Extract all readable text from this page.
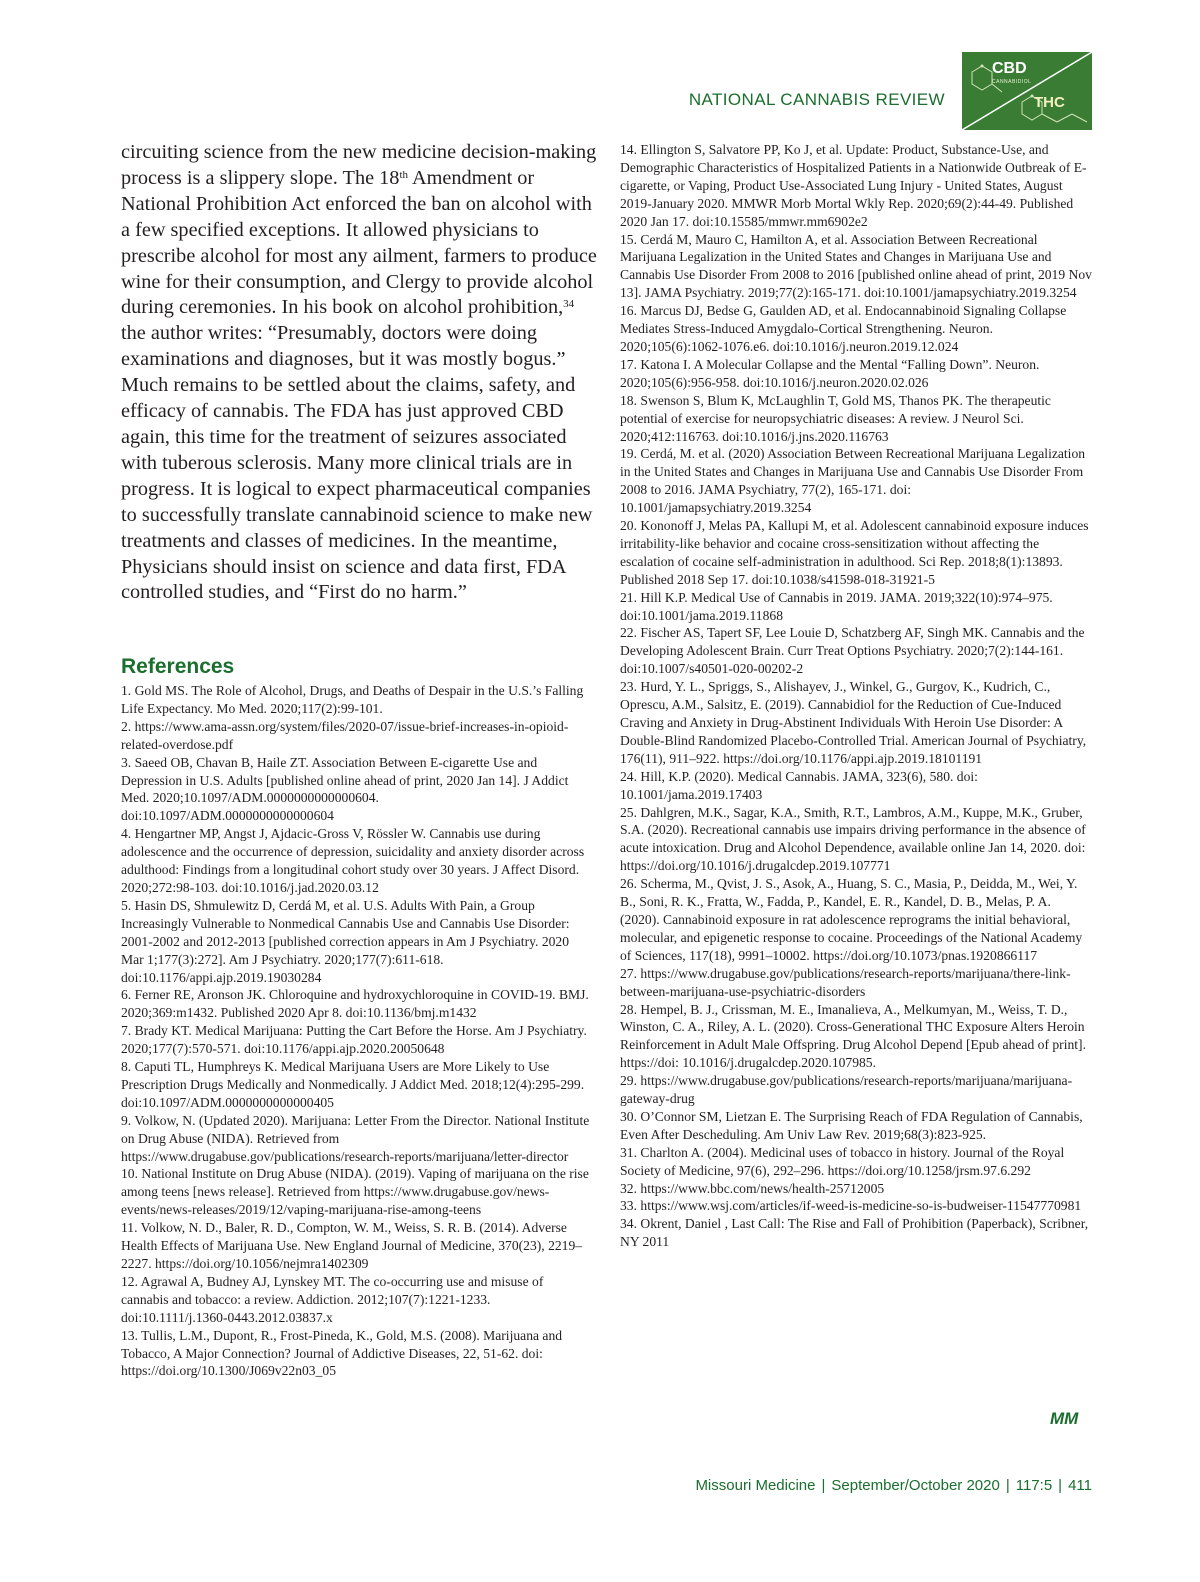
NATIONAL CANNABIS REVIEW
CBD
CANNABIDIOL
THC

circuiting science from the new medicine decision-making process is a slippery slope. The 18th Amendment or National Prohibition Act enforced the ban on alcohol with a few specified exceptions. It allowed physicians to prescribe alcohol for most any ailment, farmers to produce wine for their consumption, and Clergy to provide alcohol during ceremonies. In his book on alcohol prohibition,$^{34}$ the author writes: “Presumably, doctors were doing examinations and diagnoses, but it was mostly bogus.” Much remains to be settled about the claims, safety, and efficacy of cannabis. The FDA has just approved CBD again, this time for the treatment of seizures associated with tuberous sclerosis. Many more clinical trials are in progress. It is logical to expect pharmaceutical companies to successfully translate cannabinoid science to make new treatments and classes of medicines. In the meantime, Physicians should insist on science and data first, FDA controlled studies, and “First do no harm.”

References
1. Gold MS. The Role of Alcohol, Drugs, and Deaths of Despair in the U.S.’s Falling Life Expectancy. Mo Med. 2020;117(2):99-101.
2. https://www.ama-assn.org/system/files/2020-07/issue-brief-increases-in-opioid-related-overdose.pdf
3. Saeed OB, Chavan B, Haile ZT. Association Between E-cigarette Use and Depression in U.S. Adults [published online ahead of print, 2020 Jan 14]. J Addict Med. 2020;10.1097/ADM.0000000000000604. doi:10.1097/ADM.0000000000000604
4. Hengartner MP, Angst J, Ajdacic-Gross V, Rössler W. Cannabis use during adolescence and the occurrence of depression, suicidality and anxiety disorder across adulthood: Findings from a longitudinal cohort study over 30 years. J Affect Disord. 2020;272:98-103. doi:10.1016/j.jad.2020.03.12
5. Hasin DS, Shmulewitz D, Cerdá M, et al. U.S. Adults With Pain, a Group Increasingly Vulnerable to Nonmedical Cannabis Use and Cannabis Use Disorder: 2001-2002 and 2012-2013 [published correction appears in Am J Psychiatry. 2020 Mar 1;177(3):272]. Am J Psychiatry. 2020;177(7):611-618. doi:10.1176/appi.ajp.2019.19030284
6. Ferner RE, Aronson JK. Chloroquine and hydroxychloroquine in COVID-19. BMJ. 2020;369:m1432. Published 2020 Apr 8. doi:10.1136/bmj.m1432
7. Brady KT. Medical Marijuana: Putting the Cart Before the Horse. Am J Psychiatry. 2020;177(7):570-571. doi:10.1176/appi.ajp.2020.20050648
8. Caputi TL, Humphreys K. Medical Marijuana Users are More Likely to Use Prescription Drugs Medically and Nonmedically. J Addict Med. 2018;12(4):295-299. doi:10.1097/ADM.0000000000000405
9. Volkow, N. (Updated 2020). Marijuana: Letter From the Director. National Institute on Drug Abuse (NIDA). Retrieved from https://www.drugabuse.gov/publications/research-reports/marijuana/letter-director
10. National Institute on Drug Abuse (NIDA). (2019). Vaping of marijuana on the rise among teens [news release]. Retrieved from https://www.drugabuse.gov/news-events/news-releases/2019/12/vaping-marijuana-rise-among-teens
11. Volkow, N. D., Baler, R. D., Compton, W. M., Weiss, S. R. B. (2014). Adverse Health Effects of Marijuana Use. New England Journal of Medicine, 370(23), 2219–2227. https://doi.org/10.1056/nejmra1402309
12. Agrawal A, Budney AJ, Lynskey MT. The co-occurring use and misuse of cannabis and tobacco: a review. Addiction. 2012;107(7):1221-1233. doi:10.1111/j.1360-0443.2012.03837.x
13. Tullis, L.M., Dupont, R., Frost-Pineda, K., Gold, M.S. (2008). Marijuana and Tobacco, A Major Connection? Journal of Addictive Diseases, 22, 51-62. doi: https://doi.org/10.1300/J069v22n03_05
14. Ellington S, Salvatore PP, Ko J, et al. Update: Product, Substance-Use, and Demographic Characteristics of Hospitalized Patients in a Nationwide Outbreak of E-cigarette, or Vaping, Product Use-Associated Lung Injury - United States, August 2019-January 2020. MMWR Morb Mortal Wkly Rep. 2020;69(2):44-49. Published 2020 Jan 17. doi:10.15585/mmwr.mm6902e2
15. Cerdá M, Mauro C, Hamilton A, et al. Association Between Recreational Marijuana Legalization in the United States and Changes in Marijuana Use and Cannabis Use Disorder From 2008 to 2016 [published online ahead of print, 2019 Nov 13]. JAMA Psychiatry. 2019;77(2):165-171. doi:10.1001/jamapsychiatry.2019.3254
16. Marcus DJ, Bedse G, Gaulden AD, et al. Endocannabinoid Signaling Collapse Mediates Stress-Induced Amygdalo-Cortical Strengthening. Neuron. 2020;105(6):1062-1076.e6. doi:10.1016/j.neuron.2019.12.024
17. Katona I. A Molecular Collapse and the Mental “Falling Down”. Neuron. 2020;105(6):956-958. doi:10.1016/j.neuron.2020.02.026
18. Swenson S, Blum K, McLaughlin T, Gold MS, Thanos PK. The therapeutic potential of exercise for neuropsychiatric diseases: A review. J Neurol Sci. 2020;412:116763. doi:10.1016/j.jns.2020.116763
19. Cerdá, M. et al. (2020) Association Between Recreational Marijuana Legalization in the United States and Changes in Marijuana Use and Cannabis Use Disorder From 2008 to 2016. JAMA Psychiatry, 77(2), 165-171. doi: 10.1001/jamapsychiatry.2019.3254
20. Kononoff J, Melas PA, Kallupi M, et al. Adolescent cannabinoid exposure induces irritability-like behavior and cocaine cross-sensitization without affecting the escalation of cocaine self-administration in adulthood. Sci Rep. 2018;8(1):13893. Published 2018 Sep 17. doi:10.1038/s41598-018-31921-5
21. Hill K.P. Medical Use of Cannabis in 2019. JAMA. 2019;322(10):974–975. doi:10.1001/jama.2019.11868
22. Fischer AS, Tapert SF, Lee Louie D, Schatzberg AF, Singh MK. Cannabis and the Developing Adolescent Brain. Curr Treat Options Psychiatry. 2020;7(2):144-161. doi:10.1007/s40501-020-00202-2
23. Hurd, Y. L., Spriggs, S., Alishayev, J., Winkel, G., Gurgov, K., Kudrich, C., Oprescu, A.M., Salsitz, E. (2019). Cannabidiol for the Reduction of Cue-Induced Craving and Anxiety in Drug-Abstinent Individuals With Heroin Use Disorder: A Double-Blind Randomized Placebo-Controlled Trial. American Journal of Psychiatry, 176(11), 911–922. https://doi.org/10.1176/appi.ajp.2019.18101191
24. Hill, K.P. (2020). Medical Cannabis. JAMA, 323(6), 580. doi: 10.1001/jama.2019.17403
25. Dahlgren, M.K., Sagar, K.A., Smith, R.T., Lambros, A.M., Kuppe, M.K., Gruber, S.A. (2020). Recreational cannabis use impairs driving performance in the absence of acute intoxication. Drug and Alcohol Dependence, available online Jan 14, 2020. doi: https://doi.org/10.1016/j.drugalcdep.2019.107771
26. Scherma, M., Qvist, J. S., Asok, A., Huang, S. C., Masia, P., Deidda, M., Wei, Y. B., Soni, R. K., Fratta, W., Fadda, P., Kandel, E. R., Kandel, D. B., Melas, P. A. (2020). Cannabinoid exposure in rat adolescence reprograms the initial behavioral, molecular, and epigenetic response to cocaine. Proceedings of the National Academy of Sciences, 117(18), 9991–10002. https://doi.org/10.1073/pnas.1920866117
27. https://www.drugabuse.gov/publications/research-reports/marijuana/there-link-between-marijuana-use-psychiatric-disorders
28. Hempel, B. J., Crissman, M. E., Imanalieva, A., Melkumyan, M., Weiss, T. D., Winston, C. A., Riley, A. L. (2020). Cross-Generational THC Exposure Alters Heroin Reinforcement in Adult Male Offspring. Drug Alcohol Depend [Epub ahead of print]. https://doi: 10.1016/j.drugalcdep.2020.107985.
29. https://www.drugabuse.gov/publications/research-reports/marijuana/marijuana-gateway-drug
30. O’Connor SM, Lietzan E. The Surprising Reach of FDA Regulation of Cannabis, Even After Descheduling. Am Univ Law Rev. 2019;68(3):823-925.
31. Charlton A. (2004). Medicinal uses of tobacco in history. Journal of the Royal Society of Medicine, 97(6), 292–296. https://doi.org/10.1258/jrsm.97.6.292
32. https://www.bbc.com/news/health-25712005
33. https://www.wsj.com/articles/if-weed-is-medicine-so-is-budweiser-11547770981
34. Okrent, Daniel , Last Call: The Rise and Fall of Prohibition (Paperback), Scribner, NY 2011
MM
Missouri Medicine | September/October 2020 | 117:5 | 411
